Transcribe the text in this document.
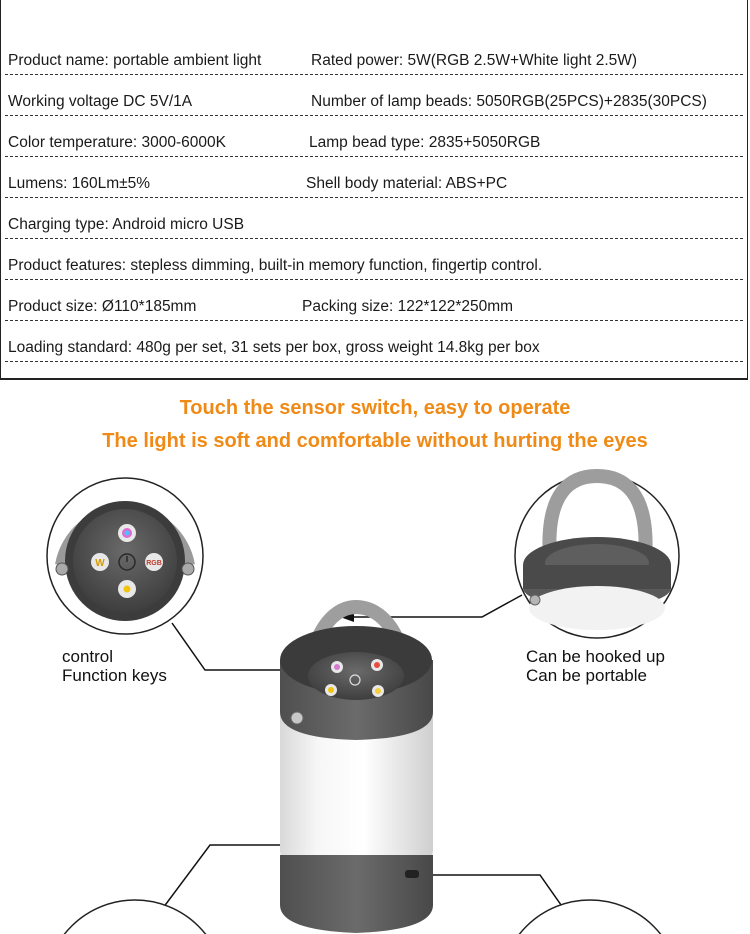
Product name: portable ambient light	Rated power: 5W(RGB 2.5W+White light 2.5W)
Working voltage DC 5V/1A	Number of lamp beads: 5050RGB(25PCS)+2835(30PCS)
Color temperature: 3000-6000K	Lamp bead type: 2835+5050RGB
Lumens: 160Lm±5%	Shell body material: ABS+PC
Charging type: Android micro USB
Product features: stepless dimming, built-in memory function, fingertip control.
Product size: Ø110*185mm	Packing size: 122*122*250mm
Loading standard: 480g per set, 31 sets per box, gross weight 14.8kg per box
Touch the sensor switch, easy to operate
The light is soft and comfortable without hurting the eyes
W	RGB
control
Function keys
Can be hooked up
Can be portable
